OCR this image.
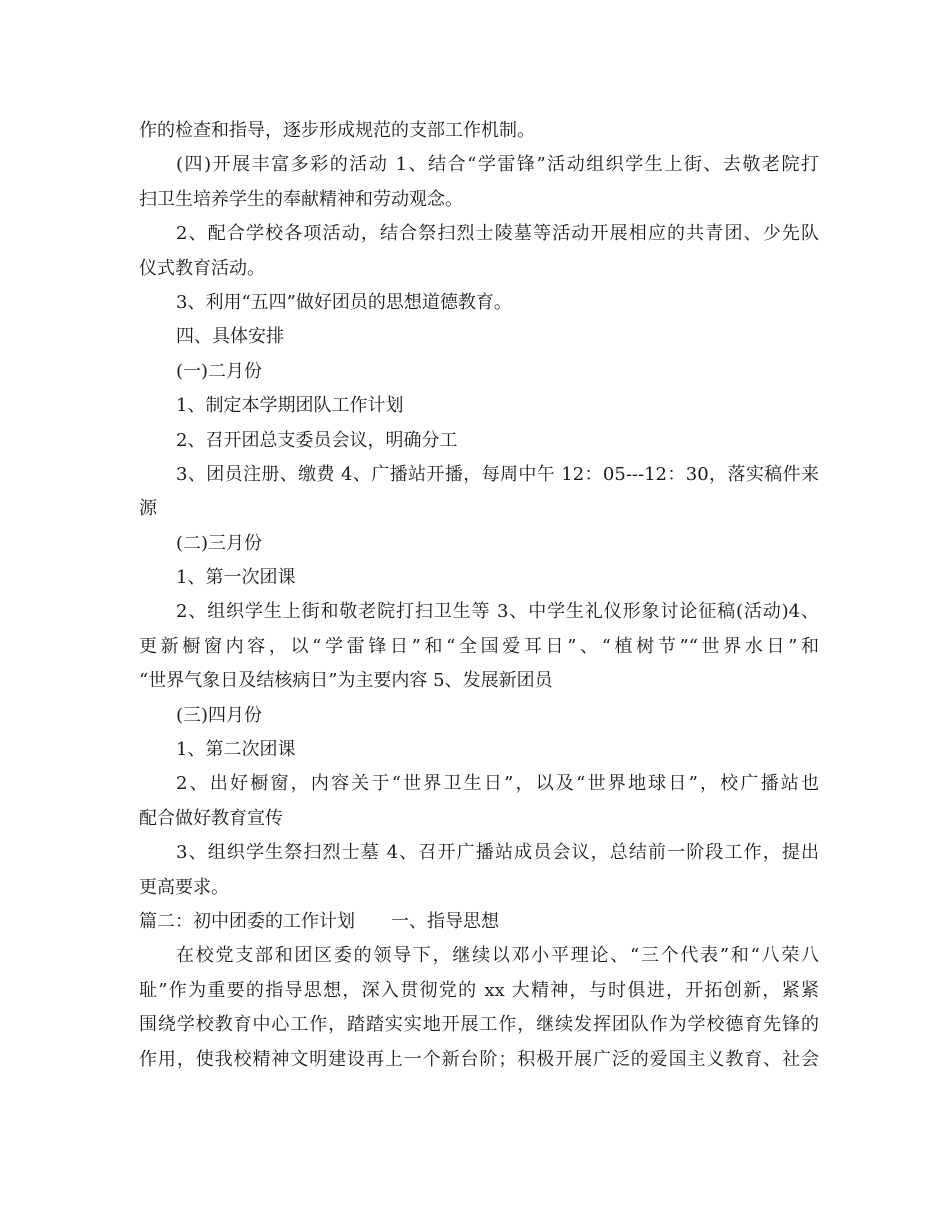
作的检查和指导，逐步形成规范的支部工作机制。
(四)开展丰富多彩的活动 1、结合“学雷锋”活动组织学生上街、去敬老院打
扫卫生培养学生的奉献精神和劳动观念。
2、配合学校各项活动，结合祭扫烈士陵墓等活动开展相应的共青团、少先队
仪式教育活动。
3、利用“五四”做好团员的思想道德教育。
四、具体安排
(一)二月份
1、制定本学期团队工作计划
2、召开团总支委员会议，明确分工
3、团员注册、缴费 4、广播站开播，每周中午 12：05---12：30，落实稿件来
源
(二)三月份
1、第一次团课
2、组织学生上街和敬老院打扫卫生等 3、中学生礼仪形象讨论征稿(活动)4、
更新橱窗内容，以“学雷锋日”和“全国爱耳日”、“植树节”“世界水日”和
“世界气象日及结核病日”为主要内容 5、发展新团员
(三)四月份
1、第二次团课
2、出好橱窗，内容关于“世界卫生日”，以及“世界地球日”，校广播站也
配合做好教育宣传
3、组织学生祭扫烈士墓 4、召开广播站成员会议，总结前一阶段工作，提出
更高要求。
篇二：初中团委的工作计划 一、指导思想
在校党支部和团区委的领导下，继续以邓小平理论、“三个代表”和“八荣八
耻”作为重要的指导思想，深入贯彻党的 xx 大精神，与时俱进，开拓创新，紧紧
围绕学校教育中心工作，踏踏实实地开展工作，继续发挥团队作为学校德育先锋的
作用，使我校精神文明建设再上一个新台阶；积极开展广泛的爱国主义教育、社会
